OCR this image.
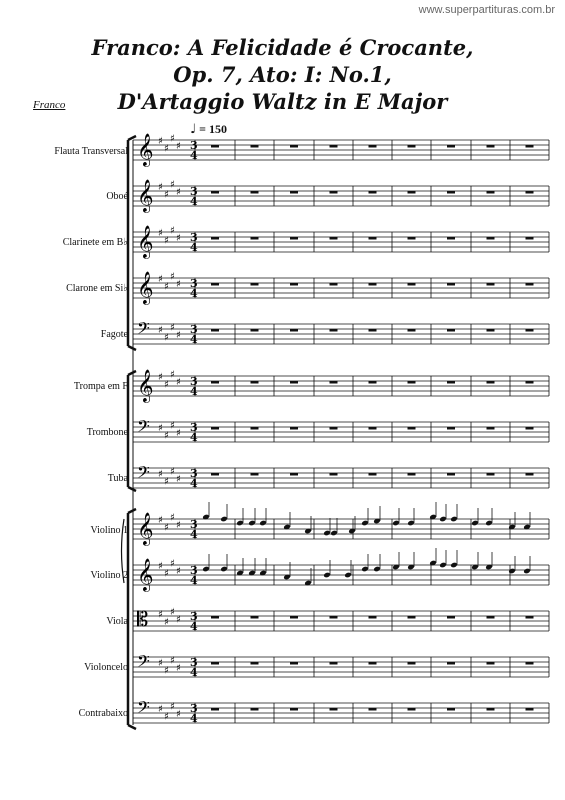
www.superpartituras.com.br
Franco: A Felicidade é Crocante,
Op. 7, Ato: I: No.1,
D'Artaggio Waltz in E Major
Franco
♩ = 150
Flauta Transversal
Oboé
Clarinete em B♭
Clarone em Si♭
Fagote
Trompa em F
Trombone
Tuba
Violino 1
Violino 2
Viola
Violoncelo
Contrabaixo
𝄞 ♯
♯
♯
♯ 3
4
𝄞 ♯
♯
♯
♯ 3
4
𝄞 ♯
♯
♯
♯ 3
4
𝄞 ♯
♯
♯
♯ 3
4
𝄢 ♯
♯
♯
♯ 3
4
𝄞 ♯
♯
♯
♯ 3
4
𝄢 ♯
♯
♯
♯ 3
4
𝄢 ♯
♯
♯
♯ 3
4
𝄞 ♯
♯
♯
♯ 3
4
𝄞 ♯
♯
♯
♯ 3
4
𝄡 ♯
♯
♯
♯ 3
4
𝄢 ♯
♯
♯
♯ 3
4
𝄢 ♯
♯
♯
♯ 3
4
